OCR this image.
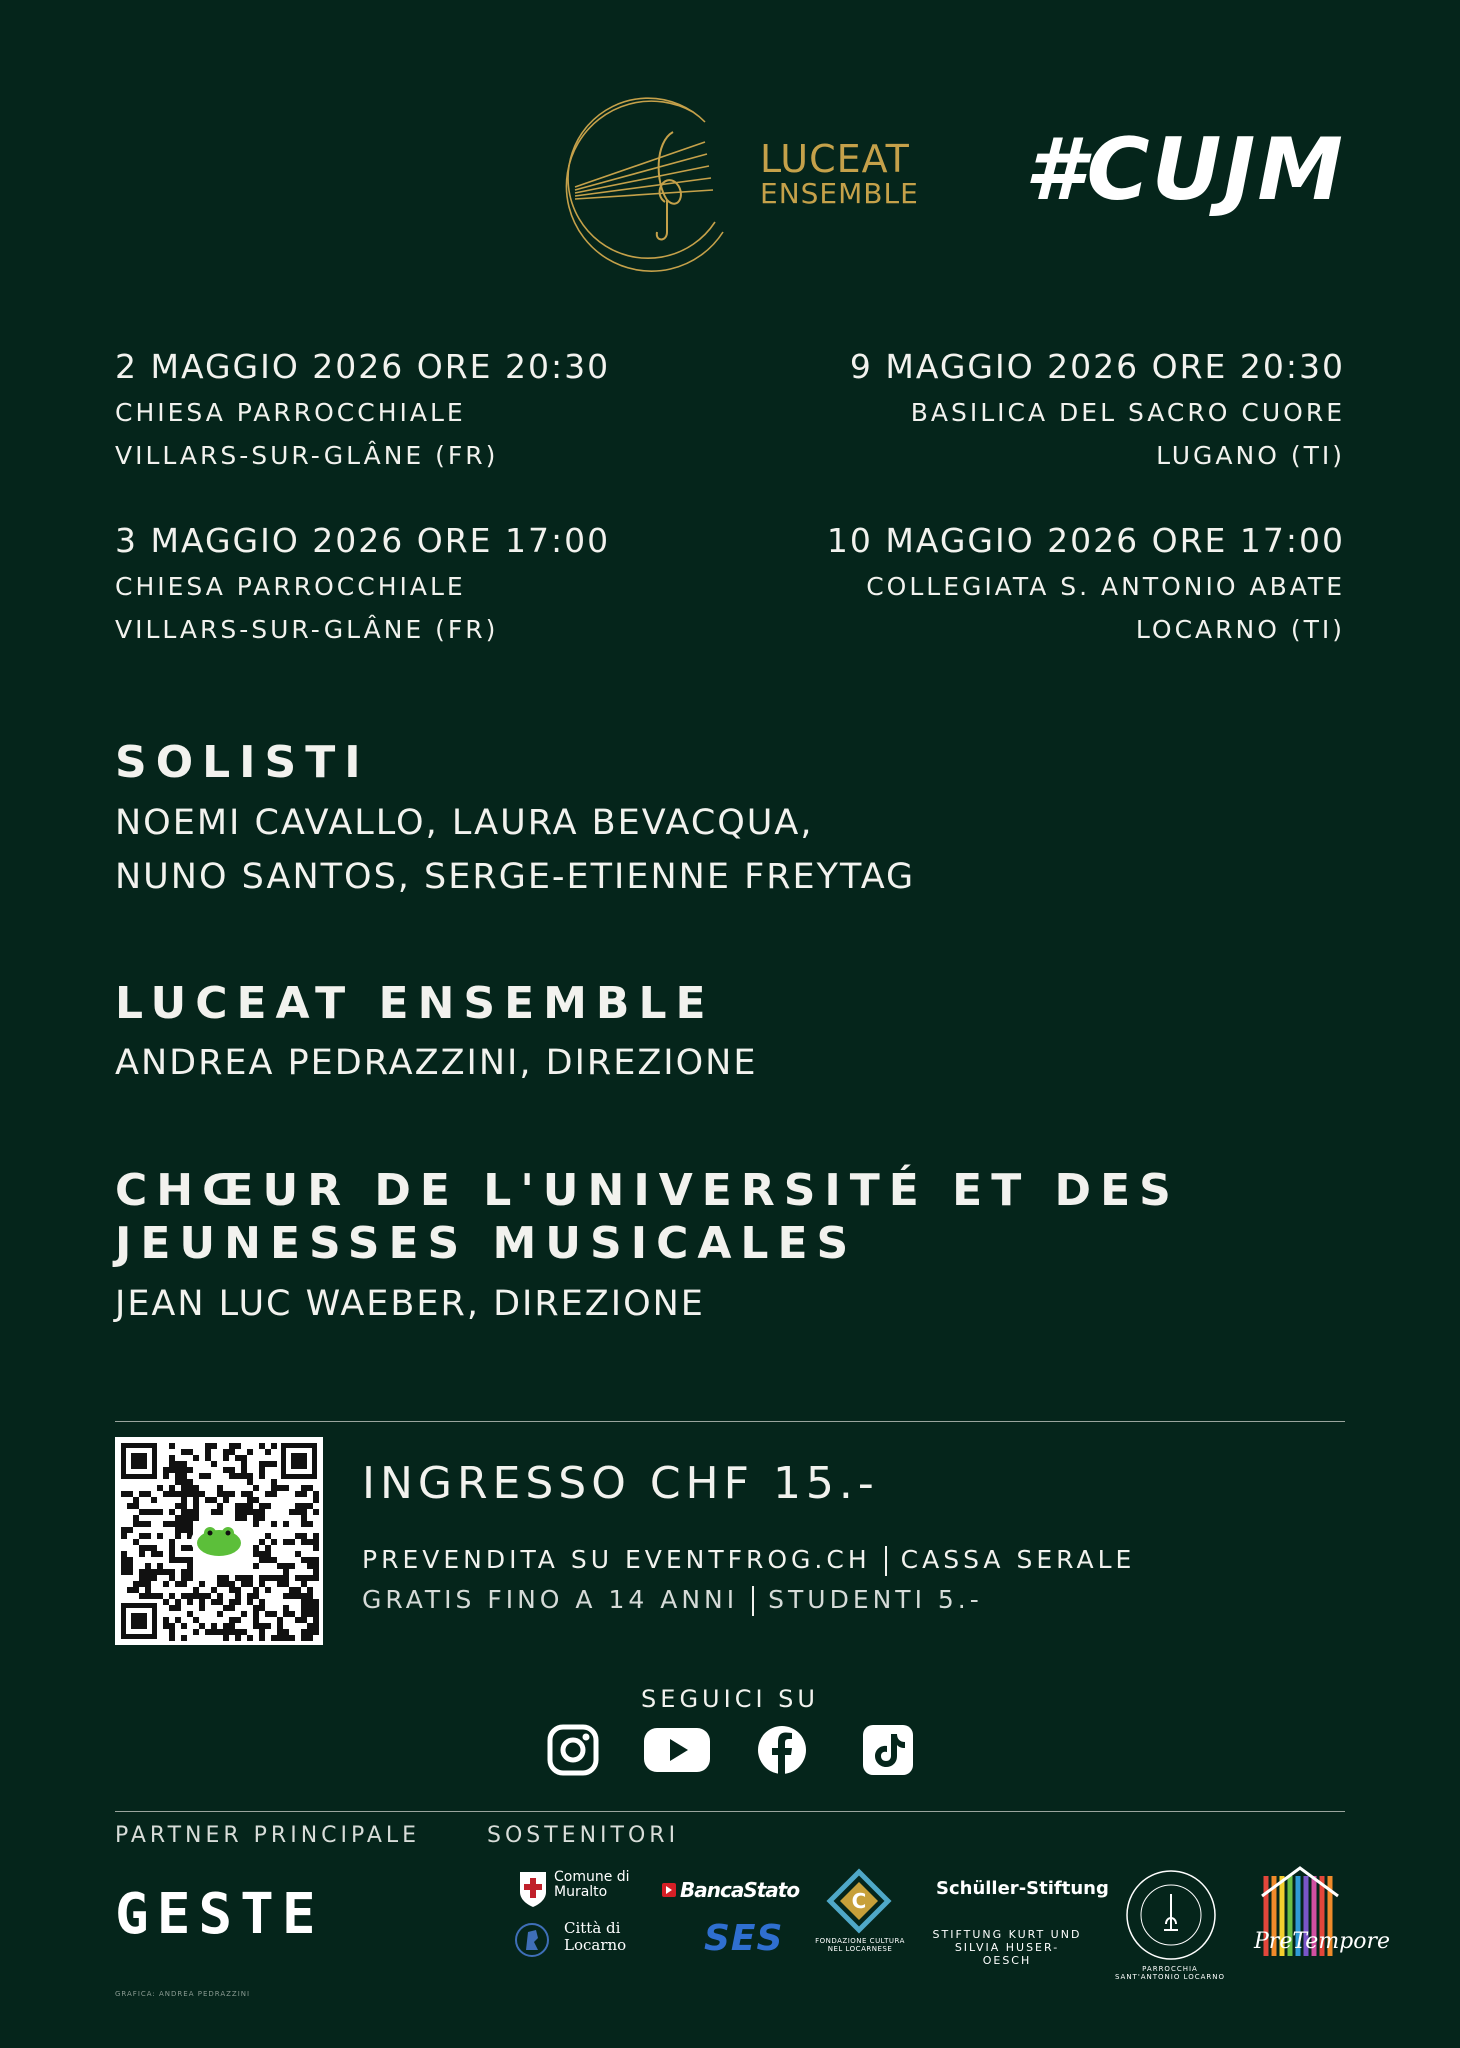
LUCEAT
ENSEMBLE #CUJM
2 MAGGIO 2026 ORE 20:30
CHIESA PARROCCHIALE
VILLARS-SUR-GLÂNE (FR)
9 MAGGIO 2026 ORE 20:30
BASILICA DEL SACRO CUORE
LUGANO (TI)
3 MAGGIO 2026 ORE 17:00
CHIESA PARROCCHIALE
VILLARS-SUR-GLÂNE (FR)
10 MAGGIO 2026 ORE 17:00
COLLEGIATA S. ANTONIO ABATE
LOCARNO (TI)
SOLISTI
NOEMI CAVALLO, LAURA BEVACQUA,
NUNO SANTOS, SERGE-ETIENNE FREYTAG
LUCEAT ENSEMBLE
ANDREA PEDRAZZINI, DIREZIONE
CHŒUR DE L'UNIVERSITÉ ET DES
JEUNESSES MUSICALES
JEAN LUC WAEBER, DIREZIONE
INGRESSO CHF 15.-
PREVENDITA SU EVENTFROG.CH CASSA SERALE
GRATIS FINO A 14 ANNI STUDENTI 5.-
SEGUICI SU
PARTNER PRINCIPALE	SOSTENITORI
GESTE
Comune di Muralto
Città di Locarno
BancaStato
SES
C
FONDAZIONE CULTURA NEL LOCARNESE
Schüller-Stiftung
STIFTUNG KURT UND SILVIA HUSER-OESCH
PARROCCHIA SANT'ANTONIO LOCARNO
PreTempore
GRAFICA: ANDREA PEDRAZZINI
